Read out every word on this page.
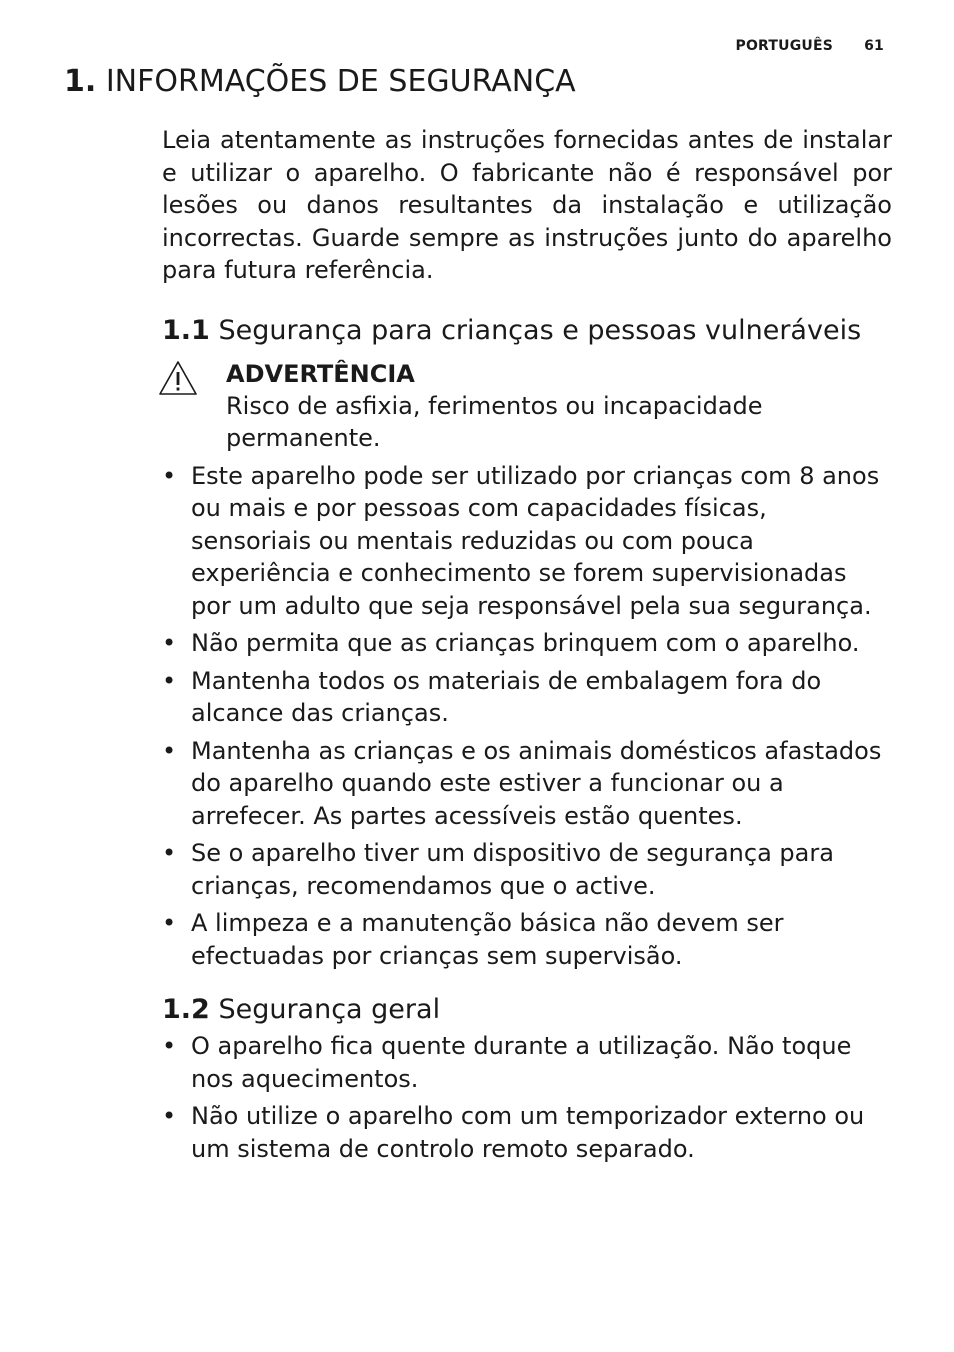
PORTUGUÊS 61
1. INFORMAÇÕES DE SEGURANÇA

Leia atentamente as instruções fornecidas antes de instalar e utilizar o aparelho. O fabricante não é responsável por lesões ou danos resultantes da instalação e utilização incorrectas. Guarde sempre as instruções junto do aparelho para futura referência.

1.1 Segurança para crianças e pessoas vulneráveis
ADVERTÊNCIA
Risco de asfixia, ferimentos ou incapacidade permanente.
• Este aparelho pode ser utilizado por crianças com 8 anos ou mais e por pessoas com capacidades físicas, sensoriais ou mentais reduzidas ou com pouca experiência e conhecimento se forem supervisionadas por um adulto que seja responsável pela sua segurança.
• Não permita que as crianças brinquem com o aparelho.
• Mantenha todos os materiais de embalagem fora do alcance das crianças.
• Mantenha as crianças e os animais domésticos afastados do aparelho quando este estiver a funcionar ou a arrefecer. As partes acessíveis estão quentes.
• Se o aparelho tiver um dispositivo de segurança para crianças, recomendamos que o active.
• A limpeza e a manutenção básica não devem ser efectuadas por crianças sem supervisão.
1.2 Segurança geral
• O aparelho fica quente durante a utilização. Não toque nos aquecimentos.
• Não utilize o aparelho com um temporizador externo ou um sistema de controlo remoto separado.
